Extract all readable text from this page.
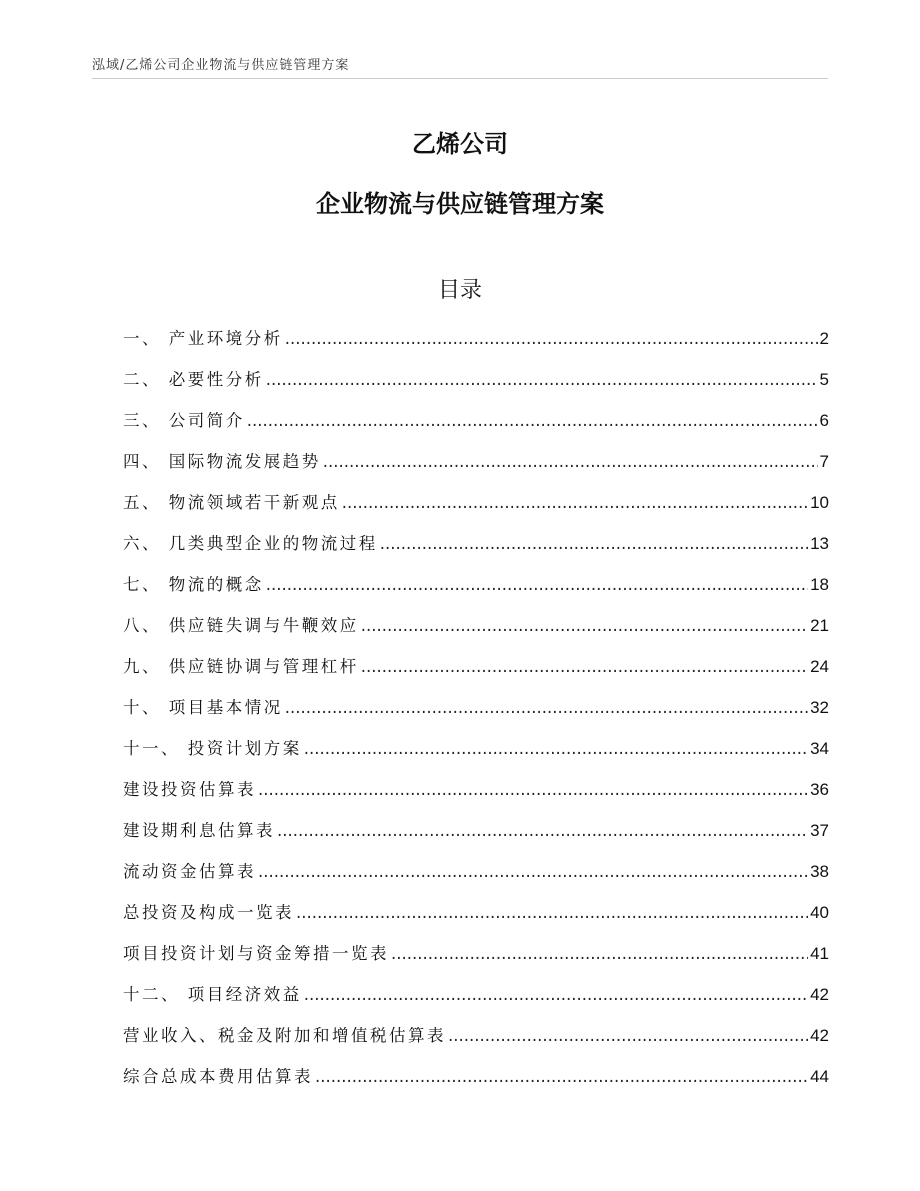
泓域/乙烯公司企业物流与供应链管理方案
乙烯公司
企业物流与供应链管理方案
目录
一、 产业环境分析 .....	2
二、 必要性分析 .....	5
三、 公司简介 .....	6
四、 国际物流发展趋势 .....	7
五、 物流领域若干新观点 .....	10
六、 几类典型企业的物流过程 .....	13
七、 物流的概念 .....	18
八、 供应链失调与牛鞭效应 .....	21
九、 供应链协调与管理杠杆 .....	24
十、 项目基本情况 .....	32
十一、 投资计划方案 .....	34
建设投资估算表 .....	36
建设期利息估算表 .....	37
流动资金估算表 .....	38
总投资及构成一览表 .....	40
项目投资计划与资金筹措一览表 .....	41
十二、 项目经济效益 .....	42
营业收入、税金及附加和增值税估算表 .....	42
综合总成本费用估算表 .....	44
